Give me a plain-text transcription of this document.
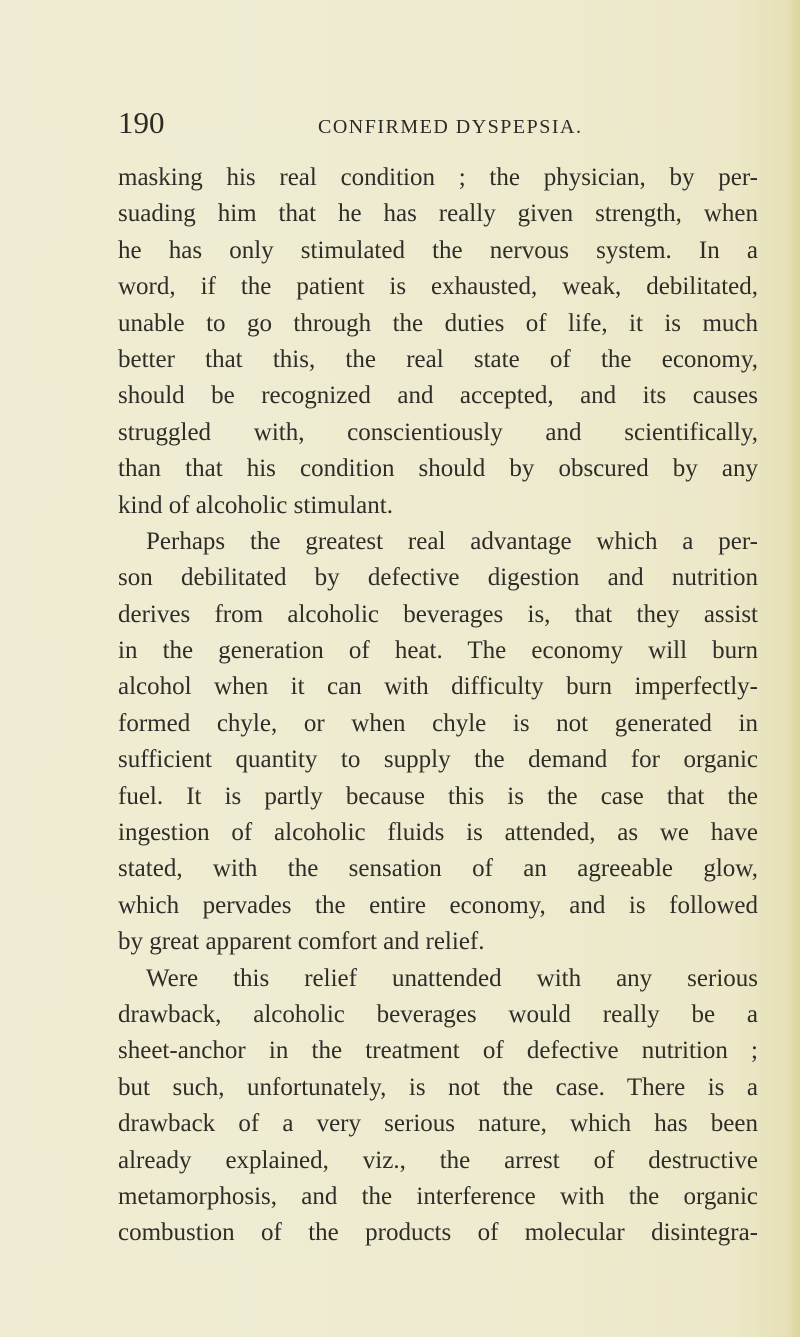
190	CONFIRMED DYSPEPSIA.
masking his real condition ; the physician, by per-
suading him that he has really given strength, when
he has only stimulated the nervous system. In a
word, if the patient is exhausted, weak, debilitated,
unable to go through the duties of life, it is much
better that this, the real state of the economy,
should be recognized and accepted, and its causes
struggled with, conscientiously and scientifically,
than that his condition should by obscured by any
kind of alcoholic stimulant.
Perhaps the greatest real advantage which a per-
son debilitated by defective digestion and nutrition
derives from alcoholic beverages is, that they assist
in the generation of heat. The economy will burn
alcohol when it can with difficulty burn imperfectly-
formed chyle, or when chyle is not generated in
sufficient quantity to supply the demand for organic
fuel. It is partly because this is the case that the
ingestion of alcoholic fluids is attended, as we have
stated, with the sensation of an agreeable glow,
which pervades the entire economy, and is followed
by great apparent comfort and relief.
Were this relief unattended with any serious
drawback, alcoholic beverages would really be a
sheet-anchor in the treatment of defective nutrition ;
but such, unfortunately, is not the case. There is a
drawback of a very serious nature, which has been
already explained, viz., the arrest of destructive
metamorphosis, and the interference with the organic
combustion of the products of molecular disintegra-
